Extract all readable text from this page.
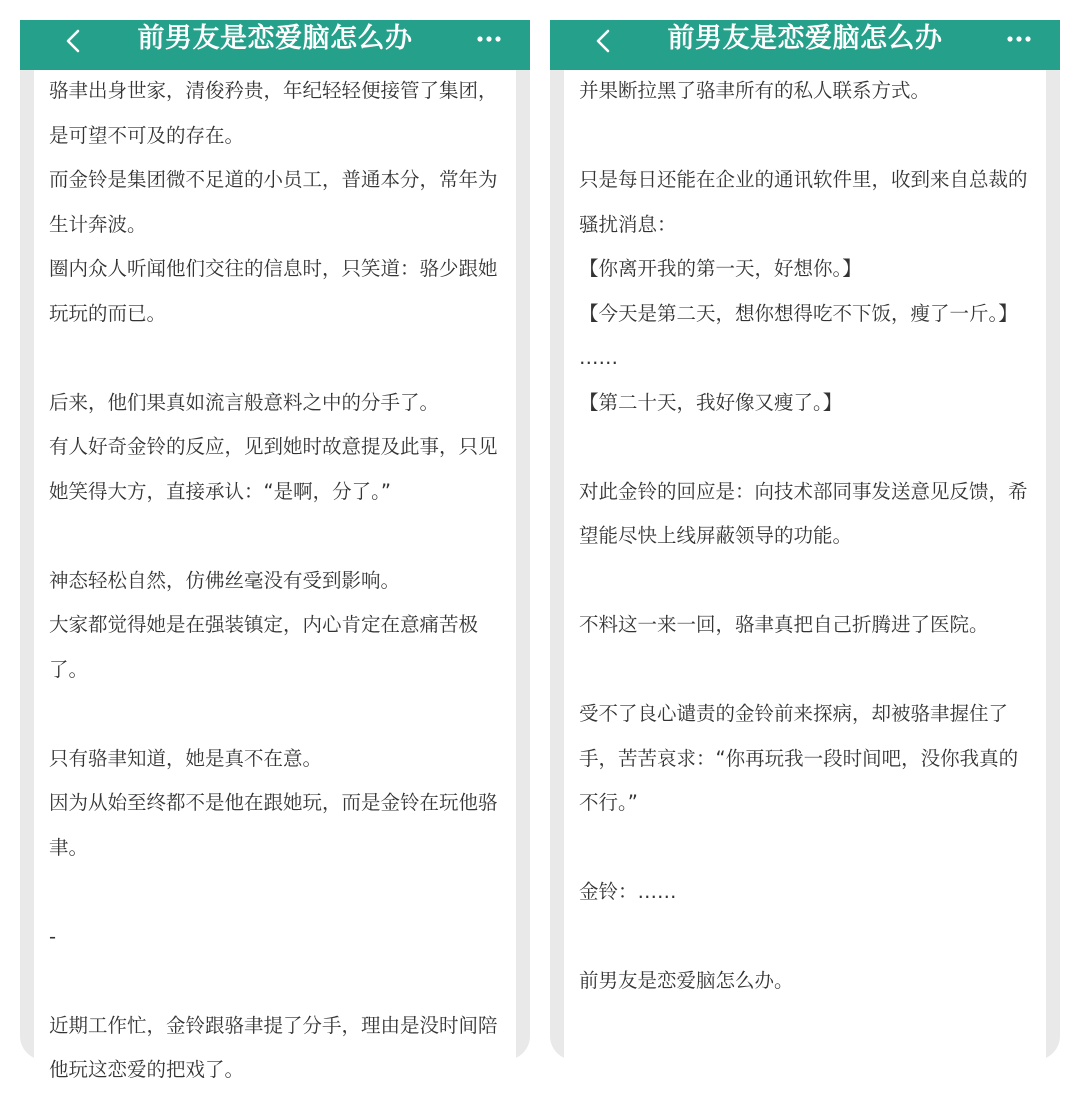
前男友是恋爱脑怎么办

骆聿出身世家，清俊矜贵，年纪轻轻便接管了集团，是可望不可及的存在。

而金铃是集团微不足道的小员工，普通本分，常年为生计奔波。

圈内众人听闻他们交往的信息时，只笑道：骆少跟她玩玩的而已。

后来，他们果真如流言般意料之中的分手了。

有人好奇金铃的反应，见到她时故意提及此事，只见她笑得大方，直接承认：“是啊，分了。”

神态轻松自然，仿佛丝毫没有受到影响。

大家都觉得她是在强装镇定，内心肯定在意痛苦极了。

只有骆聿知道，她是真不在意。

因为从始至终都不是他在跟她玩，而是金铃在玩他骆聿。

-

近期工作忙，金铃跟骆聿提了分手，理由是没时间陪他玩这恋爱的把戏了。

前男友是恋爱脑怎么办

并果断拉黑了骆聿所有的私人联系方式。

只是每日还能在企业的通讯软件里，收到来自总裁的骚扰消息：

【你离开我的第一天，好想你。】

【今天是第二天，想你想得吃不下饭，瘦了一斤。】

……

【第二十天，我好像又瘦了。】

对此金铃的回应是：向技术部同事发送意见反馈，希望能尽快上线屏蔽领导的功能。

不料这一来一回，骆聿真把自己折腾进了医院。

受不了良心谴责的金铃前来探病，却被骆聿握住了手，苦苦哀求：“你再玩我一段时间吧，没你我真的不行。”

金铃：……

前男友是恋爱脑怎么办。
